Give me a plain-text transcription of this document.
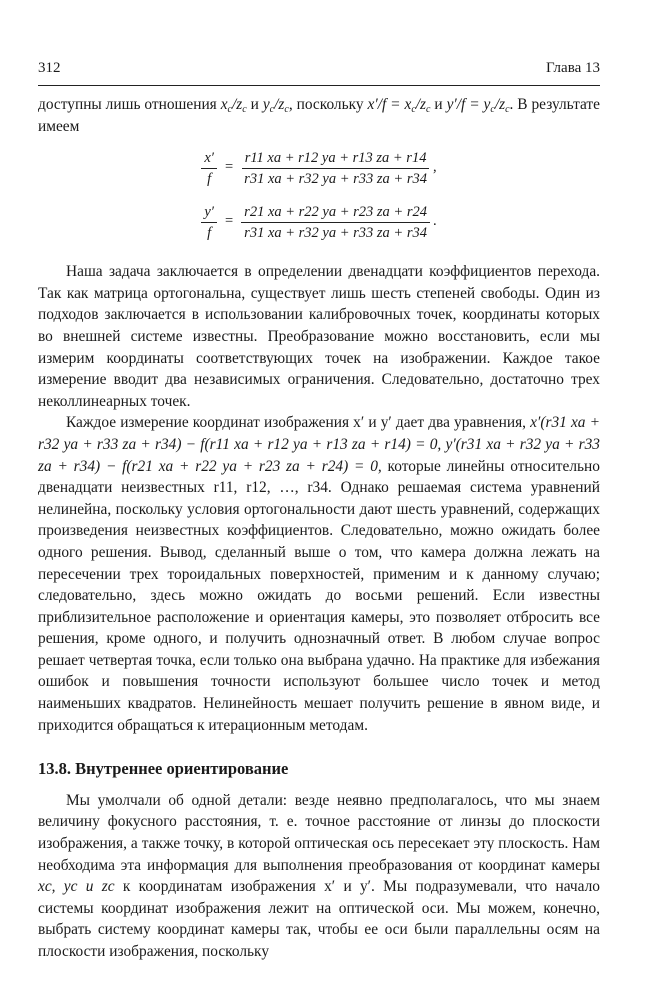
312	Глава 13

доступны лишь отношения $x_c/z_c$ и $y_c/z_c$, поскольку $x'/f = x_c/z_c$ и $y'/f = y_c/z_c$. В результате имеем

$\frac{x'}{f} = \frac{r11 xa + r12 ya + r13 za + r14}{r31 xa + r32 ya + r33 za + r34}$ ,
$\frac{y'}{f} = \frac{r21 xa + r22 ya + r23 za + r24}{r31 xa + r32 ya + r33 za + r34}$ .

Наша задача заключается в определении двенадцати коэффициентов перехода. Так как матрица ортогональна, существует лишь шесть степеней свободы. Один из подходов заключается в использовании калибровочных точек, координаты которых во внешней системе известны. Преобразование можно восстановить, если мы измерим координаты соответствующих точек на изображении. Каждое такое измерение вводит два независимых ограничения. Следовательно, достаточно трех неколлинеарных точек.

Каждое измерение координат изображения x′ и y′ дает два уравнения, x′(r31 xa + r32 ya + r33 za + r34) − f(r11 xa + r12 ya + r13 za + r14) = 0, y′(r31 xa + r32 ya + r33 za + r34) − f(r21 xa + r22 ya + r23 za + r24) = 0, которые линейны относительно двенадцати неизвестных r11, r12, …, r34. Однако решаемая система уравнений нелинейна, поскольку условия ортогональности дают шесть уравнений, содержащих произведения неизвестных коэффициентов. Следовательно, можно ожидать более одного решения. Вывод, сделанный выше о том, что камера должна лежать на пересечении трех тороидальных поверхностей, применим и к данному случаю; следовательно, здесь можно ожидать до восьми решений. Если известны приблизительное расположение и ориентация камеры, это позволяет отбросить все решения, кроме одного, и получить однозначный ответ. В любом случае вопрос решает четвертая точка, если только она выбрана удачно. На практике для избежания ошибок и повышения точности используют большее число точек и метод наименьших квадратов. Нелинейность мешает получить решение в явном виде, и приходится обращаться к итерационным методам.

13.8. Внутреннее ориентирование

Мы умолчали об одной детали: везде неявно предполагалось, что мы знаем величину фокусного расстояния, т. е. точное расстояние от линзы до плоскости изображения, а также точку, в которой оптическая ось пересекает эту плоскость. Нам необходима эта информация для выполнения преобразования от координат камеры xc, yc и zc к координатам изображения x′ и y′. Мы подразумевали, что начало системы координат изображения лежит на оптической оси. Мы можем, конечно, выбрать систему координат камеры так, чтобы ее оси были параллельны осям на плоскости изображения, поскольку
